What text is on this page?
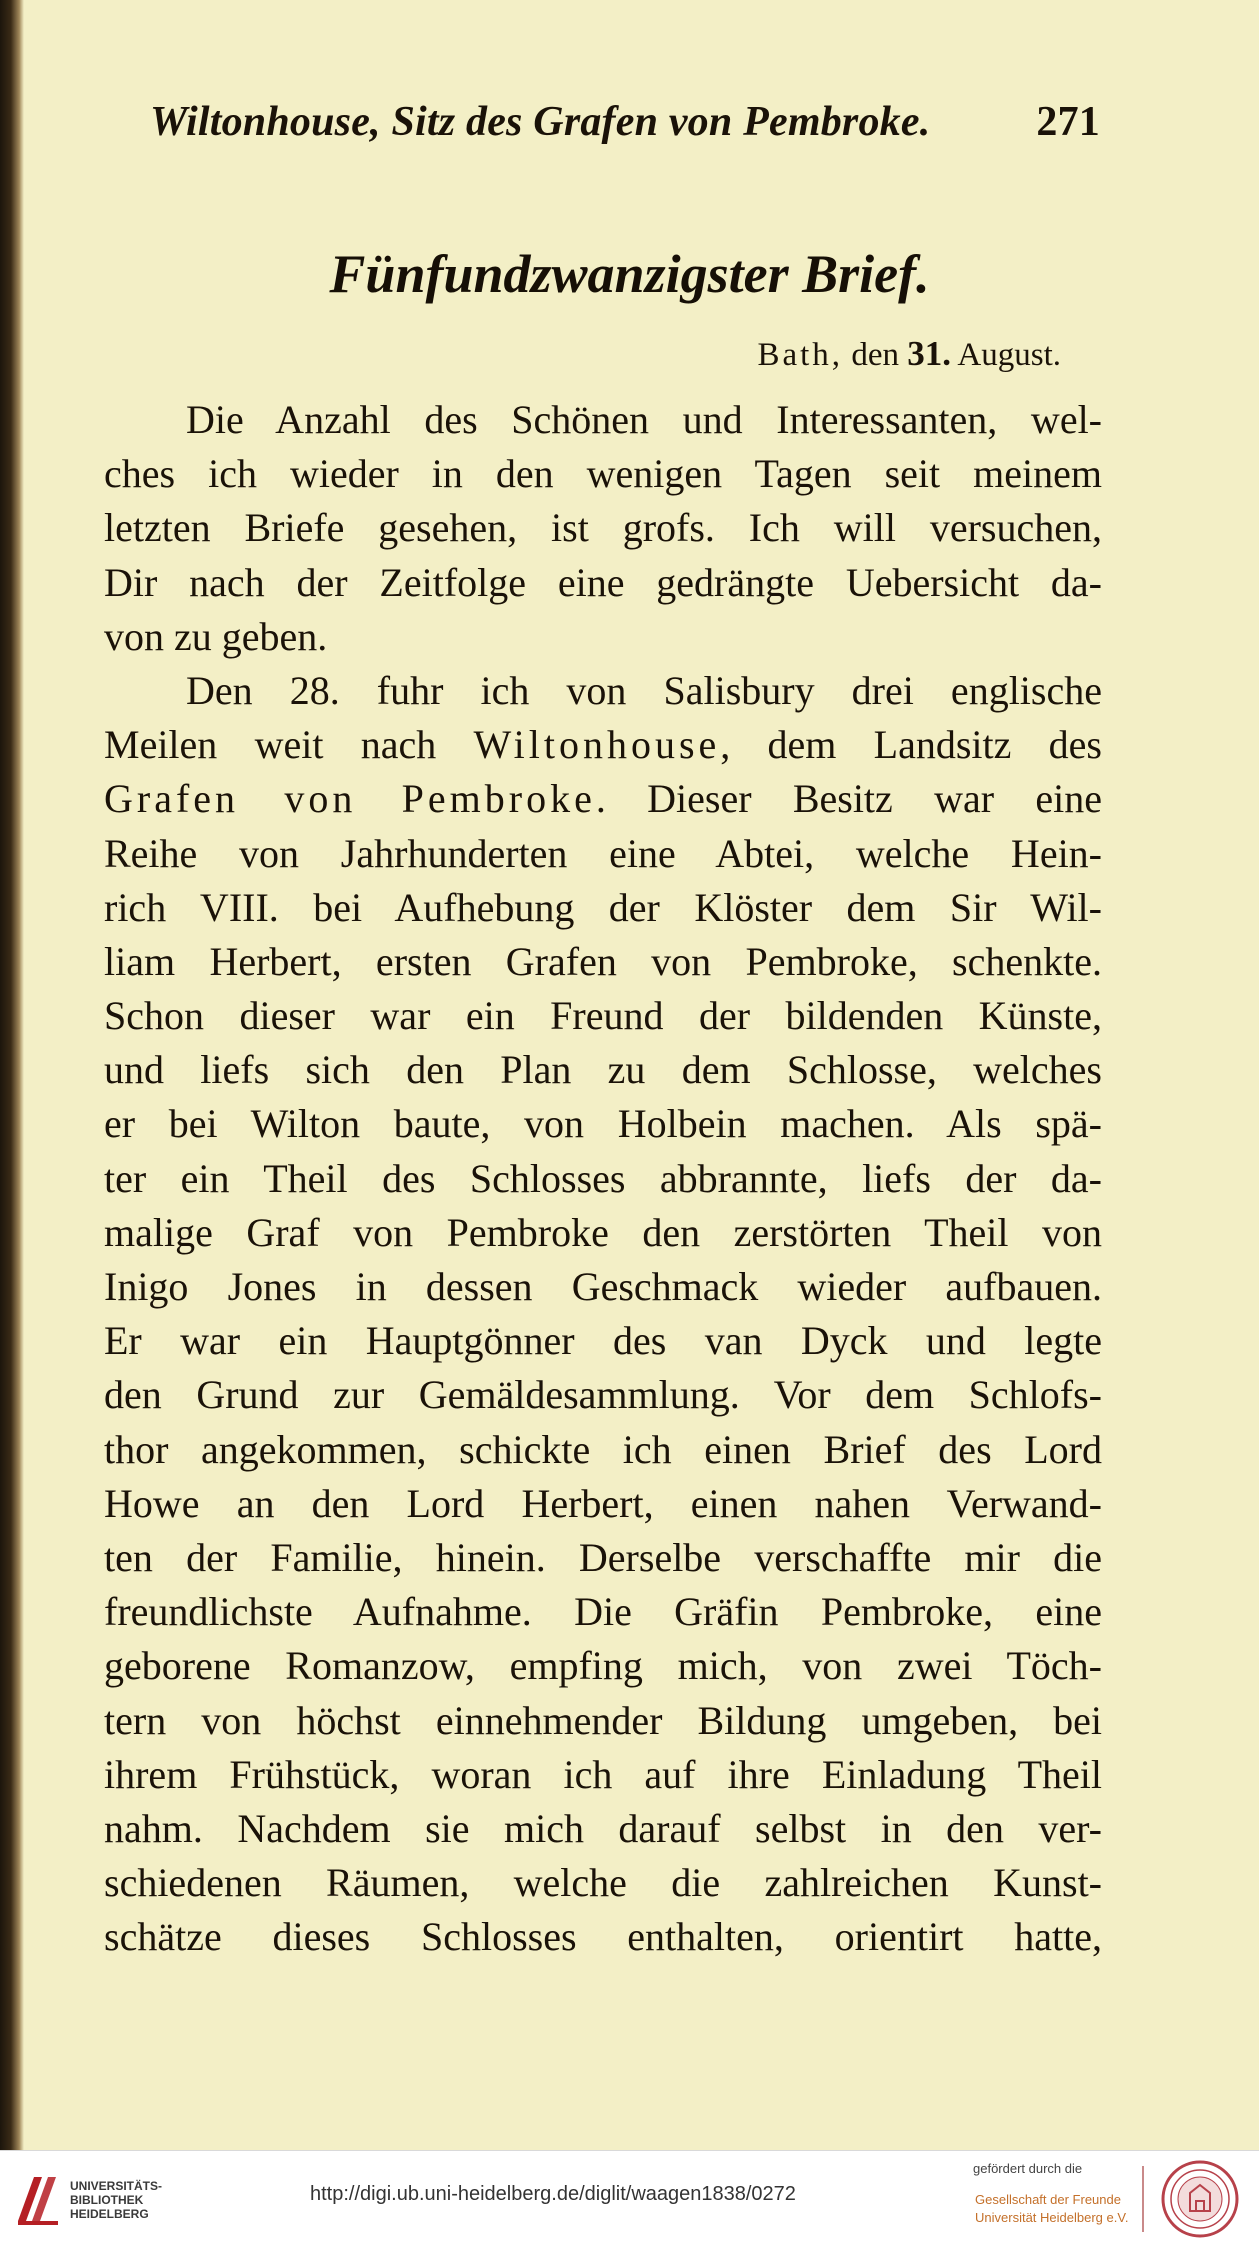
Wiltonhouse, Sitz des Grafen von Pembroke.	271
Fünfundzwanzigster Brief.
Bath, den 31. August.
Die Anzahl des Schönen und Interessanten, wel-
ches ich wieder in den wenigen Tagen seit meinem
letzten Briefe gesehen, ist grofs. Ich will versuchen,
Dir nach der Zeitfolge eine gedrängte Uebersicht da-
von zu geben.
Den 28. fuhr ich von Salisbury drei englische
Meilen weit nach Wiltonhouse, dem Landsitz des
Grafen von Pembroke. Dieser Besitz war eine
Reihe von Jahrhunderten eine Abtei, welche Hein-
rich VIII. bei Aufhebung der Klöster dem Sir Wil-
liam Herbert, ersten Grafen von Pembroke, schenkte.
Schon dieser war ein Freund der bildenden Künste,
und liefs sich den Plan zu dem Schlosse, welches
er bei Wilton baute, von Holbein machen. Als spä-
ter ein Theil des Schlosses abbrannte, liefs der da-
malige Graf von Pembroke den zerstörten Theil von
Inigo Jones in dessen Geschmack wieder aufbauen.
Er war ein Hauptgönner des van Dyck und legte
den Grund zur Gemäldesammlung. Vor dem Schlofs-
thor angekommen, schickte ich einen Brief des Lord
Howe an den Lord Herbert, einen nahen Verwand-
ten der Familie, hinein. Derselbe verschaffte mir die
freundlichste Aufnahme. Die Gräfin Pembroke, eine
geborene Romanzow, empfing mich, von zwei Töch-
tern von höchst einnehmender Bildung umgeben, bei
ihrem Frühstück, woran ich auf ihre Einladung Theil
nahm. Nachdem sie mich darauf selbst in den ver-
schiedenen Räumen, welche die zahlreichen Kunst-
schätze dieses Schlosses enthalten, orientirt hatte,
UNIVERSITÄTS-
BIBLIOTHEK
HEIDELBERG
http://digi.ub.uni-heidelberg.de/diglit/waagen1838/0272
gefördert durch die
Gesellschaft der Freunde
Universität Heidelberg e.V.
